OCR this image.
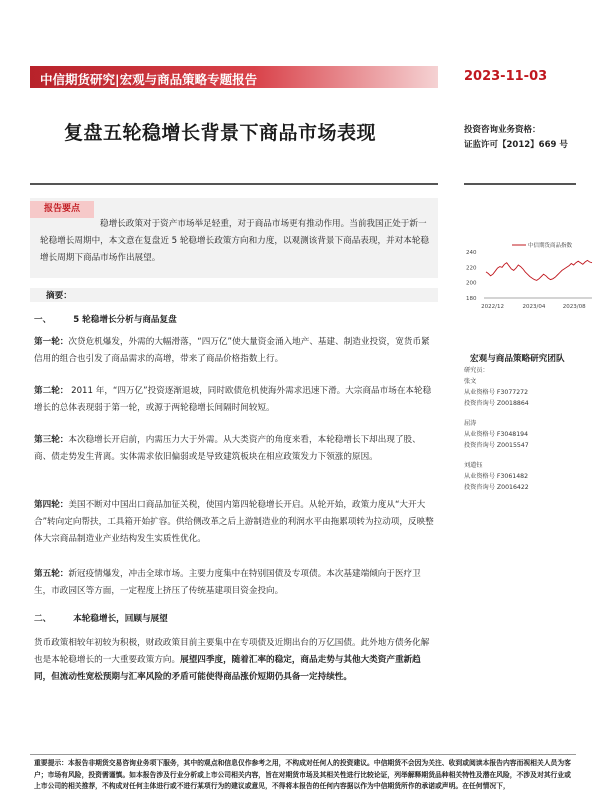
中信期货研究|宏观与商品策略专题报告	2023-11-03
复盘五轮稳增长背景下商品市场表现	投资咨询业务资格：
证监许可【2012】669 号
报告要点
稳增长政策对于资产市场举足轻重，对于商品市场更有推动作用。当前我国正处于新一轮稳增长周期中，本文意在复盘近 5 轮稳增长政策方向和力度，以观测该背景下商品表现，并对本轮稳增长周期下商品市场作出展望。
摘要：
一、	5 轮稳增长分析与商品复盘
第一轮：次贷危机爆发，外需的大幅滑落，“四万亿”使大量资金涌入地产、基建、制造业投资，宽货币紧信用的组合也引发了商品需求的高增，带来了商品价格指数上行。
第二轮： 2011 年，“四万亿”投资逐渐退坡，同时欧债危机使海外需求迅速下滑。大宗商品市场在本轮稳增长的总体表现弱于第一轮，或源于两轮稳增长间隔时间较短。
第三轮：本次稳增长开启前，内需压力大于外需。从大类资产的角度来看，本轮稳增长下却出现了股、商、债走势发生背离。实体需求依旧偏弱或是导致建筑板块在相应政策发力下领涨的原因。
第四轮：美国不断对中国出口商品加征关税，使国内第四轮稳增长开启。从轮开始，政策力度从“大开大合”转向定向帮扶，工具箱开始扩容。供给侧改革之后上游制造业的利润水平由拖累项转为拉动项，反映整体大宗商品制造业产业结构发生实质性优化。
第五轮：新冠疫情爆发，冲击全球市场。主要力度集中在特别国债及专项债。本次基建端倾向于医疗卫生，市政园区等方面，一定程度上挤压了传统基建项目资金投向。
二、	本轮稳增长，回顾与展望
货币政策相较年初较为积极，财政政策目前主要集中在专项债及近期出台的万亿国债。此外地方债务化解也是本轮稳增长的一大重要政策方向。展望四季度，随着汇率的稳定，商品走势与其他大类资产重新趋同，但流动性宽松预期与汇率风险的矛盾可能使得商品涨价短期仍具备一定持续性。
中信期货商品指数
180
200
220
240
2022/12	2023/04	2023/08
宏观与商品策略研究团队
研究员：
张文
从业资格号 F3077272
投资咨询号 Z0018864
屈涛
从业资格号 F3048194
投资咨询号 Z0015547
刘道钰
从业资格号 F3061482
投资咨询号 Z0016422
重要提示：本报告非期货交易咨询业务项下服务，其中的观点和信息仅作参考之用，不构成对任何人的投资建议。中信期货不会因为关注、收到或阅读本报告内容而视相关人员为客户；市场有风险，投资需谨慎。如本报告涉及行业分析或上市公司相关内容，旨在对期货市场及其相关性进行比较论证，列举解释期货品种相关特性及潜在风险，不涉及对其行业或上市公司的相关推荐，不构成对任何主体进行或不进行某项行为的建议或意见，不得将本报告的任何内容据以作为中信期货所作的承诺或声明。在任何情况下，
